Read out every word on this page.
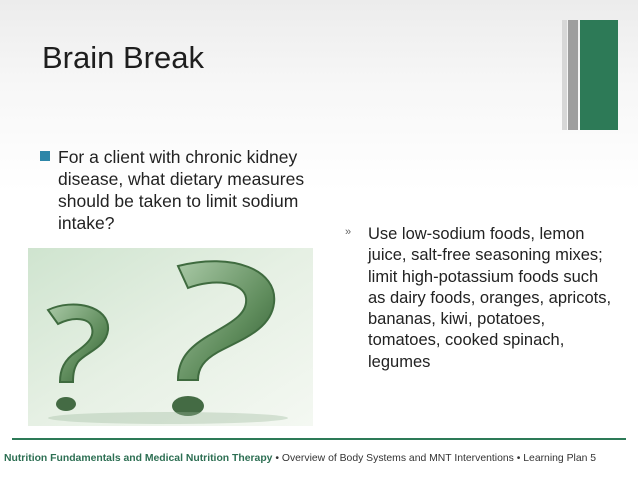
Brain Break
For a client with chronic kidney disease, what dietary measures should be taken to limit sodium intake?	» Use low-sodium foods, lemon juice, salt-free seasoning mixes; limit high-potassium foods such as dairy foods, oranges, apricots, bananas, kiwi, potatoes, tomatoes, cooked spinach, legumes
Nutrition Fundamentals and Medical Nutrition Therapy • Overview of Body Systems and MNT Interventions • Learning Plan 5
